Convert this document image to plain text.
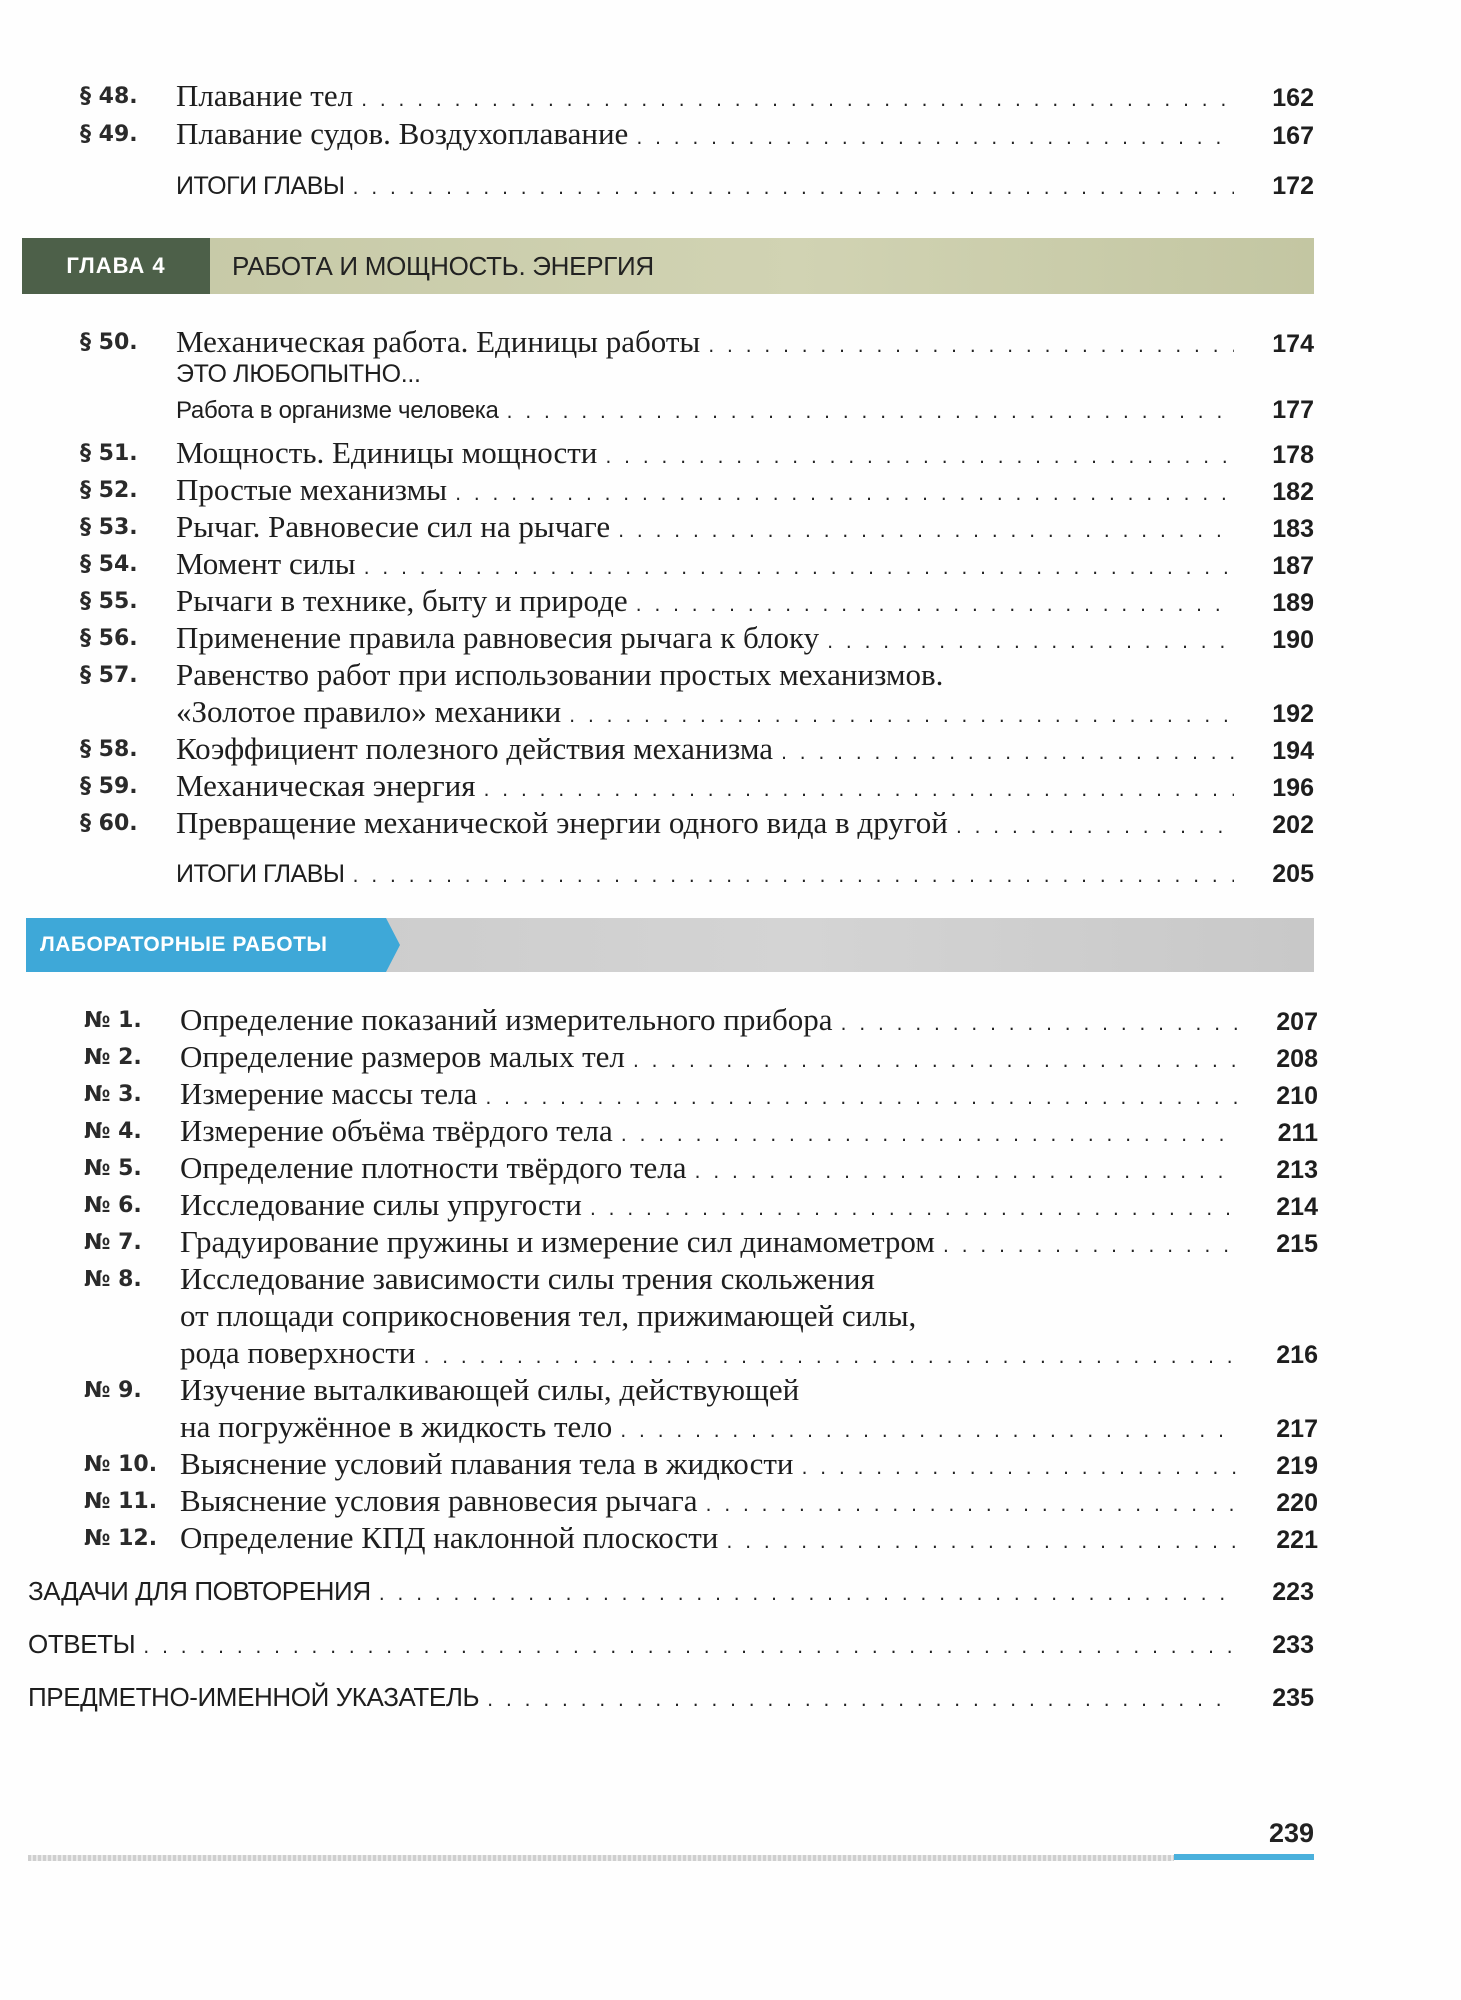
§ 48. Плавание тел . . .	162
§ 49. Плавание судов. Воздухоплавание . . .	167
ИТОГИ ГЛАВЫ . . .	172
ГЛАВА 4	РАБОТА И МОЩНОСТЬ. ЭНЕРГИЯ
§ 50. Механическая работа. Единицы работы . . .	174
ЭТО ЛЮБОПЫТНО...
Работа в организме человека . . .	177
§ 51. Мощность. Единицы мощности . . .	178
§ 52. Простые механизмы . . .	182
§ 53. Рычаг. Равновесие сил на рычаге . . .	183
§ 54. Момент силы . . .	187
§ 55. Рычаги в технике, быту и природе . . .	189
§ 56. Применение правила равновесия рычага к блоку . . .	190
§ 57. Равенство работ при использовании простых механизмов.
«Золотое правило» механики . . .	192
§ 58. Коэффициент полезного действия механизма . . .	194
§ 59. Механическая энергия . . .	196
§ 60. Превращение механической энергии одного вида в другой . . .	202
ИТОГИ ГЛАВЫ . . .	205
ЛАБОРАТОРНЫЕ РАБОТЫ
№ 1. Определение показаний измерительного прибора . . .	207
№ 2. Определение размеров малых тел . . .	208
№ 3. Измерение массы тела . . .	210
№ 4. Измерение объёма твёрдого тела . . .	211
№ 5. Определение плотности твёрдого тела . . .	213
№ 6. Исследование силы упругости . . .	214
№ 7. Градуирование пружины и измерение сил динамометром . . .	215
№ 8. Исследование зависимости силы трения скольжения
от площади соприкосновения тел, прижимающей силы,
рода поверхности . . .	216
№ 9. Изучение выталкивающей силы, действующей
на погружённое в жидкость тело . . .	217
№ 10. Выяснение условий плавания тела в жидкости . . .	219
№ 11. Выяснение условия равновесия рычага . . .	220
№ 12. Определение КПД наклонной плоскости . . .	221
ЗАДАЧИ ДЛЯ ПОВТОРЕНИЯ . . .	223
ОТВЕТЫ . . .	233
ПРЕДМЕТНО-ИМЕННОЙ УКАЗАТЕЛЬ . . .	235
239
